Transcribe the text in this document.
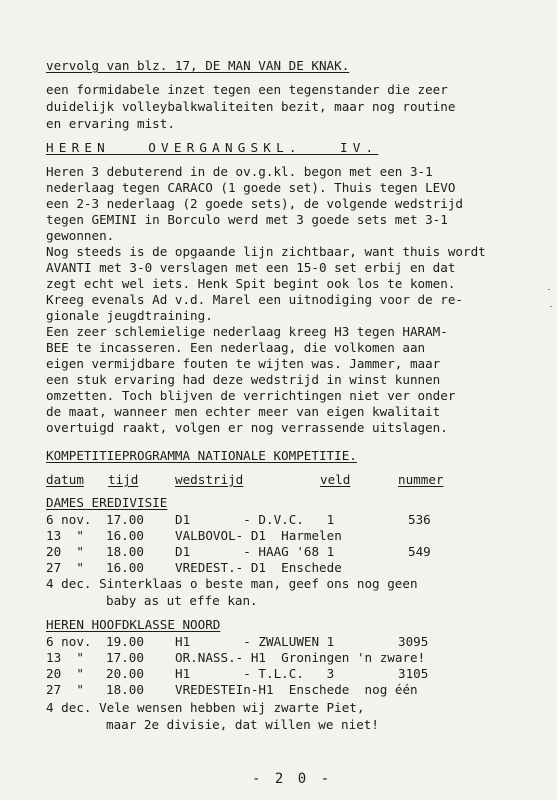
vervolg van blz. 17, DE MAN VAN DE KNAK.
een formidabele inzet tegen een tegenstander die zeer
duidelijk volleybalkwaliteiten bezit, maar nog routine
en ervaring mist.
HEREN   OVERGANGSKL.   IV.
Heren 3 debuterend in de ov.g.kl. begon met een 3-1
nederlaag tegen CARACO (1 goede set). Thuis tegen LEVO
een 2-3 nederlaag (2 goede sets), de volgende wedstrijd
tegen GEMINI in Borculo werd met 3 goede sets met 3-1
gewonnen.
Nog steeds is de opgaande lijn zichtbaar, want thuis wordt
AVANTI met 3-0 verslagen met een 15-0 set erbij en dat
zegt echt wel iets. Henk Spit begint ook los te komen.
Kreeg evenals Ad v.d. Marel een uitnodiging voor de re-
gionale jeugdtraining.
Een zeer schlemielige nederlaag kreeg H3 tegen HARAM-
BEE te incasseren. Een nederlaag, die volkomen aan
eigen vermijdbare fouten te wijten was. Jammer, maar
een stuk ervaring had deze wedstrijd in winst kunnen
omzetten. Toch blijven de verrichtingen niet ver onder
de maat, wanneer men echter meer van eigen kwalitait
overtuigd raakt, volgen er nog verrassende uitslagen.
KOMPETITIEPROGRAMMA NATIONALE KOMPETITIE.
datum tijd	wedstrijd	veld	nummer
DAMES EREDIVISIE
6 nov. 17.00 D1       - D.V.C.   1	536
13  " 16.00 VALBOVOL- D1  Harmelen
20  " 18.00 D1       - HAAG '68 1	549
27  " 16.00 VREDEST.- D1  Enschede
4 dec. Sinterklaas o beste man, geef ons nog geen
baby as ut effe kan.
HEREN HOOFDKLASSE NOORD
6 nov. 19.00 H1       - ZWALUWEN 1	3095
13  " 17.00 OR.NASS.- H1  Groningen 'n zware!
20  " 20.00 H1       - T.L.C.   3	3105
27  " 18.00 VREDESTEIn-H1  Enschede  nog één
4 dec. Vele wensen hebben wij zwarte Piet,
maar 2e divisie, dat willen we niet!
- 2 0 -
